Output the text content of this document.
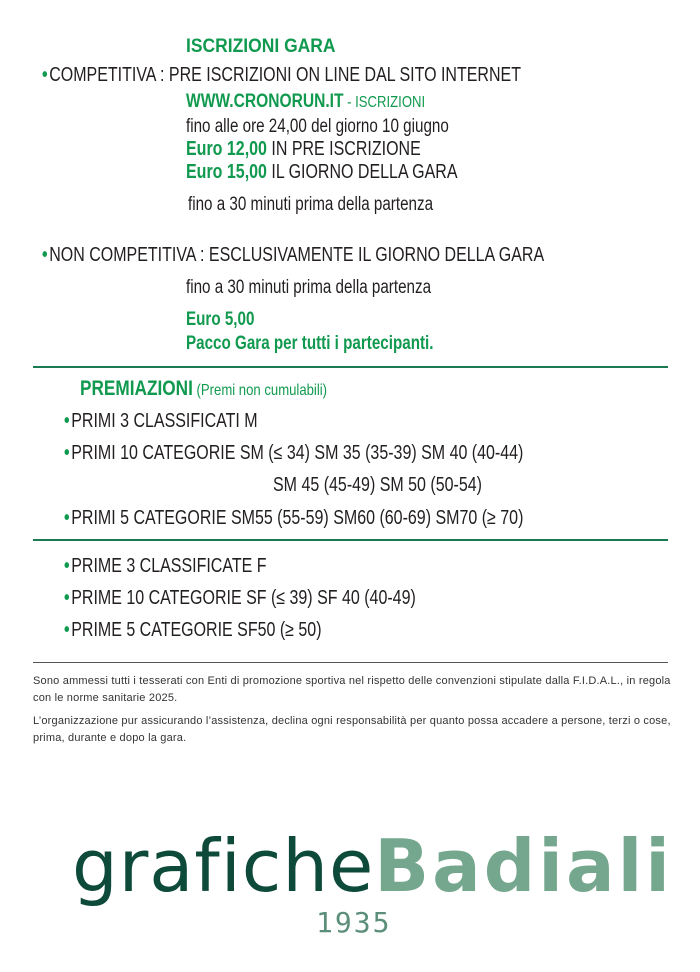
ISCRIZIONI GARA
•COMPETITIVA : PRE ISCRIZIONI ON LINE DAL SITO INTERNET
WWW.CRONORUN.IT - ISCRIZIONI
fino alle ore 24,00 del giorno 10 giugno
Euro 12,00 IN PRE ISCRIZIONE
Euro 15,00 IL GIORNO DELLA GARA
fino a 30 minuti prima della partenza
•NON COMPETITIVA : ESCLUSIVAMENTE IL GIORNO DELLA GARA
fino a 30 minuti prima della partenza
Euro 5,00
Pacco Gara per tutti i partecipanti.
PREMIAZIONI (Premi non cumulabili)
•PRIMI 3 CLASSIFICATI M
•PRIMI 10 CATEGORIE SM (≤ 34) SM 35 (35-39) SM 40 (40-44)
SM 45 (45-49) SM 50 (50-54)
•PRIMI 5 CATEGORIE SM55 (55-59) SM60 (60-69) SM70 (≥ 70)
•PRIME 3 CLASSIFICATE F
•PRIME 10 CATEGORIE SF (≤ 39) SF 40 (40-49)
•PRIME 5 CATEGORIE SF50 (≥ 50)
Sono ammessi tutti i tesserati con Enti di promozione sportiva nel rispetto delle convenzioni stipulate dalla F.I.D.A.L., in regola con le norme sanitarie 2025.
L’organizzazione pur assicurando l’assistenza, declina ogni responsabilità per quanto possa accadere a persone, terzi o cose, prima, durante e dopo la gara.
graficheBadiali
1935
